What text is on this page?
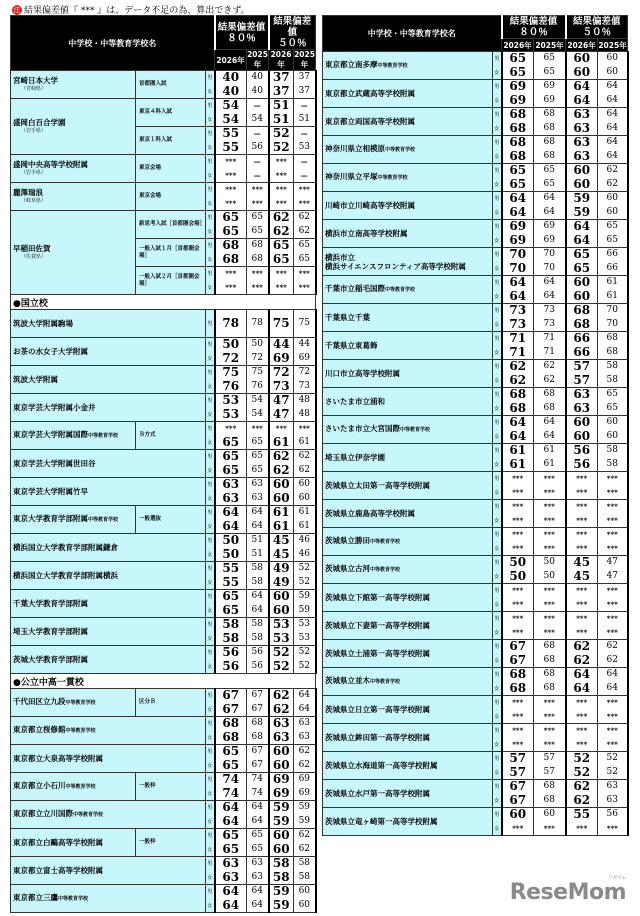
注 結果偏差値『 *** 』は、データ不足の為、算出できず。
中学校・中等教育学校名			結果偏差値
８０％		結果偏差値
５０％	
			2026年	2025年	2026年	2025年
宮崎日本大学
（宮崎県）	首都圏入試	男	40	40	37	37
		女	40	40	37	37
盛岡白百合学園
（岩手県）	東京４科入試	男	54	—	51	—
		女	54	54	51	51
	東京１科入試	男	55	—	52	—
		女	55	56	52	53
盛岡中央高等学校附属
（岩手県）	東京会場	男	***	—	***	—
		女	***	—	***	—
麗澤瑞浪
（岐阜県）	東京会場	男	***	***	***	***
		女	***	***	***	***
早稲田佐賀
（佐賀県）	新思考入試［首都圏会場］	男	65	65	62	62
		女	65	65	62	62
	一般入試１月［首都圏会場］	男	68	68	65	65
		女	68	68	65	65
	一般入試２月［首都圏会場］	男	***	***	***	***
		女	***	***	***	***
●国立校						
筑波大学附属駒場		男	78	78	75	75
お茶の水女子大学附属		男	50	50	44	44
		女	72	72	69	69
筑波大学附属		男	75	75	72	72
		女	76	76	73	73
東京学芸大学附属小金井		男	53	54	47	48
		女	53	54	47	48
東京学芸大学附属国際中等教育学校	Ｂ方式	男	***	***	***	***
		女	65	65	61	61
東京学芸大学附属世田谷		男	65	65	62	62
		女	65	65	62	62
東京学芸大学附属竹早		男	63	63	60	60
		女	63	63	60	60
東京大学教育学部附属中等教育学校	一般選抜	男	64	64	61	61
		女	64	64	61	61
横浜国立大学教育学部附属鎌倉		男	50	51	45	46
		女	50	51	45	46
横浜国立大学教育学部附属横浜		男	55	58	49	52
		女	55	58	49	52
千葉大学教育学部附属		男	65	64	60	59
		女	65	64	60	59
埼玉大学教育学部附属		男	58	58	53	53
		女	58	58	53	53
茨城大学教育学部附属		男	56	56	52	52
		女	56	56	52	52
●公立中高一貫校						
千代田区立九段中等教育学校	区分Ｂ	男	67	67	62	64
		女	67	67	62	64
東京都立桜修館中等教育学校		男	68	68	63	63
		女	68	68	63	63
東京都立大泉高等学校附属		男	65	67	60	62
		女	65	67	60	62
東京都立小石川中等教育学校	一般枠	男	74	74	69	69
		女	74	74	69	69
東京都立立川国際中等教育学校		男	64	64	59	59
		女	64	64	59	59
東京都立白鷗高等学校附属	一般枠	男	65	65	60	62
		女	65	65	60	62
東京都立富士高等学校附属		男	63	63	58	58
		女	63	63	58	58
東京都立三鷹中等教育学校		男	64	64	59	60
		女	64	64	59	60
中学校・中等教育学校名		結果偏差値
８０％		結果偏差値
５０％	
		2026年	2025年	2026年	2025年
東京都立南多摩中等教育学校	男	65	65	60	60
	女	65	65	60	60
東京都立武蔵高等学校附属	男	69	69	64	64
	女	69	69	64	64
東京都立両国高等学校附属	男	68	68	63	64
	女	68	68	63	64
神奈川県立相模原中等教育学校	男	68	68	63	64
	女	68	68	63	64
神奈川県立平塚中等教育学校	男	65	65	60	62
	女	65	65	60	62
川崎市立川崎高等学校附属	男	64	64	59	60
	女	64	64	59	60
横浜市立南高等学校附属	男	69	69	64	65
	女	69	69	64	65
横浜市立
横浜サイエンスフロンティア高等学校附属	男	70	70	65	66
	女	70	70	65	66
千葉市立稲毛国際中等教育学校	男	64	64	60	61
	女	64	64	60	61
千葉県立千葉	男	73	73	68	70
	女	73	73	68	70
千葉県立東葛飾	男	71	71	66	68
	女	71	71	66	68
川口市立高等学校附属	男	62	62	57	58
	女	62	62	57	58
さいたま市立浦和	男	68	68	63	65
	女	68	68	63	65
さいたま市立大宮国際中等教育学校	男	64	64	60	60
	女	64	64	60	60
埼玉県立伊奈学園	男	61	61	56	58
	女	61	61	56	58
茨城県立太田第一高等学校附属	男	***	***	***	***
	女	***	***	***	***
茨城県立鹿島高等学校附属	男	***	***	***	***
	女	***	***	***	***
茨城県立勝田中等教育学校	男	***	***	***	***
	女	***	***	***	***
茨城県立古河中等教育学校	男	50	50	45	47
	女	50	50	45	47
茨城県立下館第一高等学校附属	男	***	***	***	***
	女	***	***	***	***
茨城県立下妻第一高等学校附属	男	***	***	***	***
	女	***	***	***	***
茨城県立土浦第一高等学校附属	男	67	68	62	62
	女	67	68	62	62
茨城県立並木中等教育学校	男	68	68	64	64
	女	68	68	64	64
茨城県立日立第一高等学校附属	男	***	***	***	***
	女	***	***	***	***
茨城県立鉾田第一高等学校附属	男	***	***	***	***
	女	***	***	***	***
茨城県立水海道第一高等学校附属	男	57	57	52	52
	女	57	57	52	52
茨城県立水戸第一高等学校附属	男	67	68	62	63
	女	67	68	62	63
茨城県立竜ヶ崎第一高等学校附属	男	60	60	55	56
	女	***	***	***	***
リセマム
ReseMom
